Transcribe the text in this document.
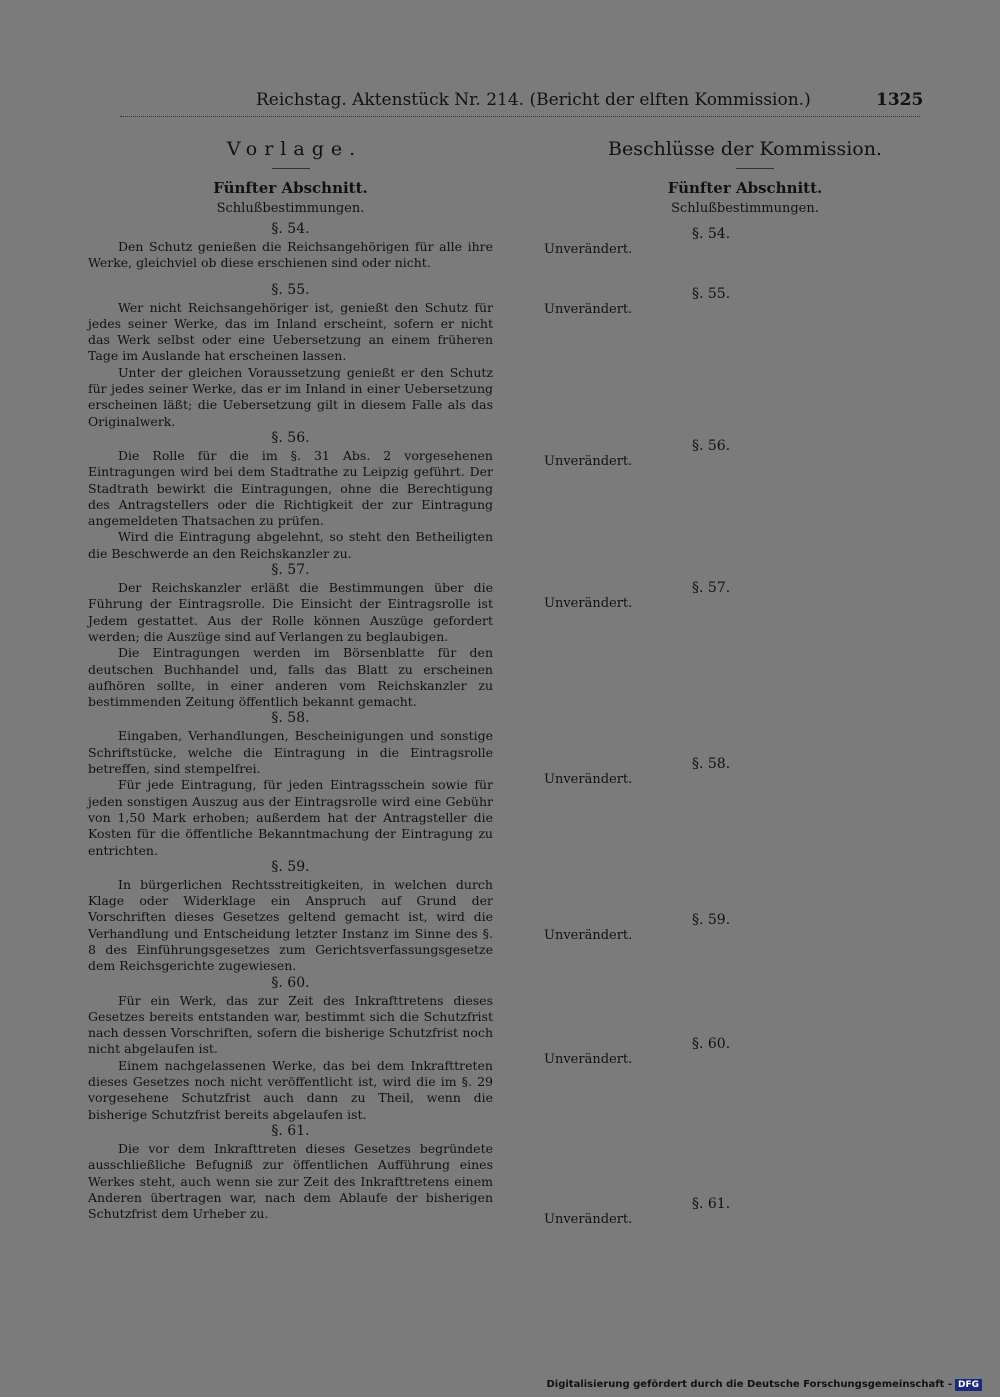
Reichstag. Aktenstück Nr. 214. (Bericht der elften Kommission.)	1325
Vorlage.
Fünfter Abschnitt.
Schlußbestimmungen.
§. 54.

Den Schutz genießen die Reichsangehörigen für alle ihre Werke, gleichviel ob diese erschienen sind oder nicht.

§. 55.

Wer nicht Reichsangehöriger ist, genießt den Schutz für jedes seiner Werke, das im Inland erscheint, sofern er nicht das Werk selbst oder eine Uebersetzung an einem früheren Tage im Auslande hat erscheinen lassen.

Unter der gleichen Voraussetzung genießt er den Schutz für jedes seiner Werke, das er im Inland in einer Uebersetzung erscheinen läßt; die Uebersetzung gilt in diesem Falle als das Originalwerk.

§. 56.

Die Rolle für die im §. 31 Abs. 2 vorgesehenen Eintragungen wird bei dem Stadtrathe zu Leipzig geführt. Der Stadtrath bewirkt die Eintragungen, ohne die Berechtigung des Antragstellers oder die Richtigkeit der zur Eintragung angemeldeten Thatsachen zu prüfen.

Wird die Eintragung abgelehnt, so steht den Betheiligten die Beschwerde an den Reichskanzler zu.

§. 57.

Der Reichskanzler erläßt die Bestimmungen über die Führung der Eintragsrolle. Die Einsicht der Eintragsrolle ist Jedem gestattet. Aus der Rolle können Auszüge gefordert werden; die Auszüge sind auf Verlangen zu beglaubigen.

Die Eintragungen werden im Börsenblatte für den deutschen Buchhandel und, falls das Blatt zu erscheinen aufhören sollte, in einer anderen vom Reichskanzler zu bestimmenden Zeitung öffentlich bekannt gemacht.

§. 58.

Eingaben, Verhandlungen, Bescheinigungen und sonstige Schriftstücke, welche die Eintragung in die Eintragsrolle betreffen, sind stempelfrei.

Für jede Eintragung, für jeden Eintragsschein sowie für jeden sonstigen Auszug aus der Eintragsrolle wird eine Gebühr von 1,50 Mark erhoben; außerdem hat der Antragsteller die Kosten für die öffentliche Bekanntmachung der Eintragung zu entrichten.

§. 59.

In bürgerlichen Rechtsstreitigkeiten, in welchen durch Klage oder Widerklage ein Anspruch auf Grund der Vorschriften dieses Gesetzes geltend gemacht ist, wird die Verhandlung und Entscheidung letzter Instanz im Sinne des §. 8 des Einführungsgesetzes zum Gerichtsverfassungsgesetze dem Reichsgerichte zugewiesen.

§. 60.

Für ein Werk, das zur Zeit des Inkrafttretens dieses Gesetzes bereits entstanden war, bestimmt sich die Schutzfrist nach dessen Vorschriften, sofern die bisherige Schutzfrist noch nicht abgelaufen ist.

Einem nachgelassenen Werke, das bei dem Inkrafttreten dieses Gesetzes noch nicht veröffentlicht ist, wird die im §. 29 vorgesehene Schutzfrist auch dann zu Theil, wenn die bisherige Schutzfrist bereits abgelaufen ist.

§. 61.

Die vor dem Inkrafttreten dieses Gesetzes begründete ausschließliche Befugniß zur öffentlichen Aufführung eines Werkes steht, auch wenn sie zur Zeit des Inkrafttretens einem Anderen übertragen war, nach dem Ablaufe der bisherigen Schutzfrist dem Urheber zu.

Beschlüsse der Kommission.
Fünfter Abschnitt.
Schlußbestimmungen.
§. 54.
Unverändert.
§. 55.
Unverändert.
§. 56.
Unverändert.
§. 57.
Unverändert.
§. 58.
Unverändert.
§. 59.
Unverändert.
§. 60.
Unverändert.
§. 61.
Unverändert.
Digitalisierung gefördert durch die Deutsche Forschungsgemeinschaft - DFG
